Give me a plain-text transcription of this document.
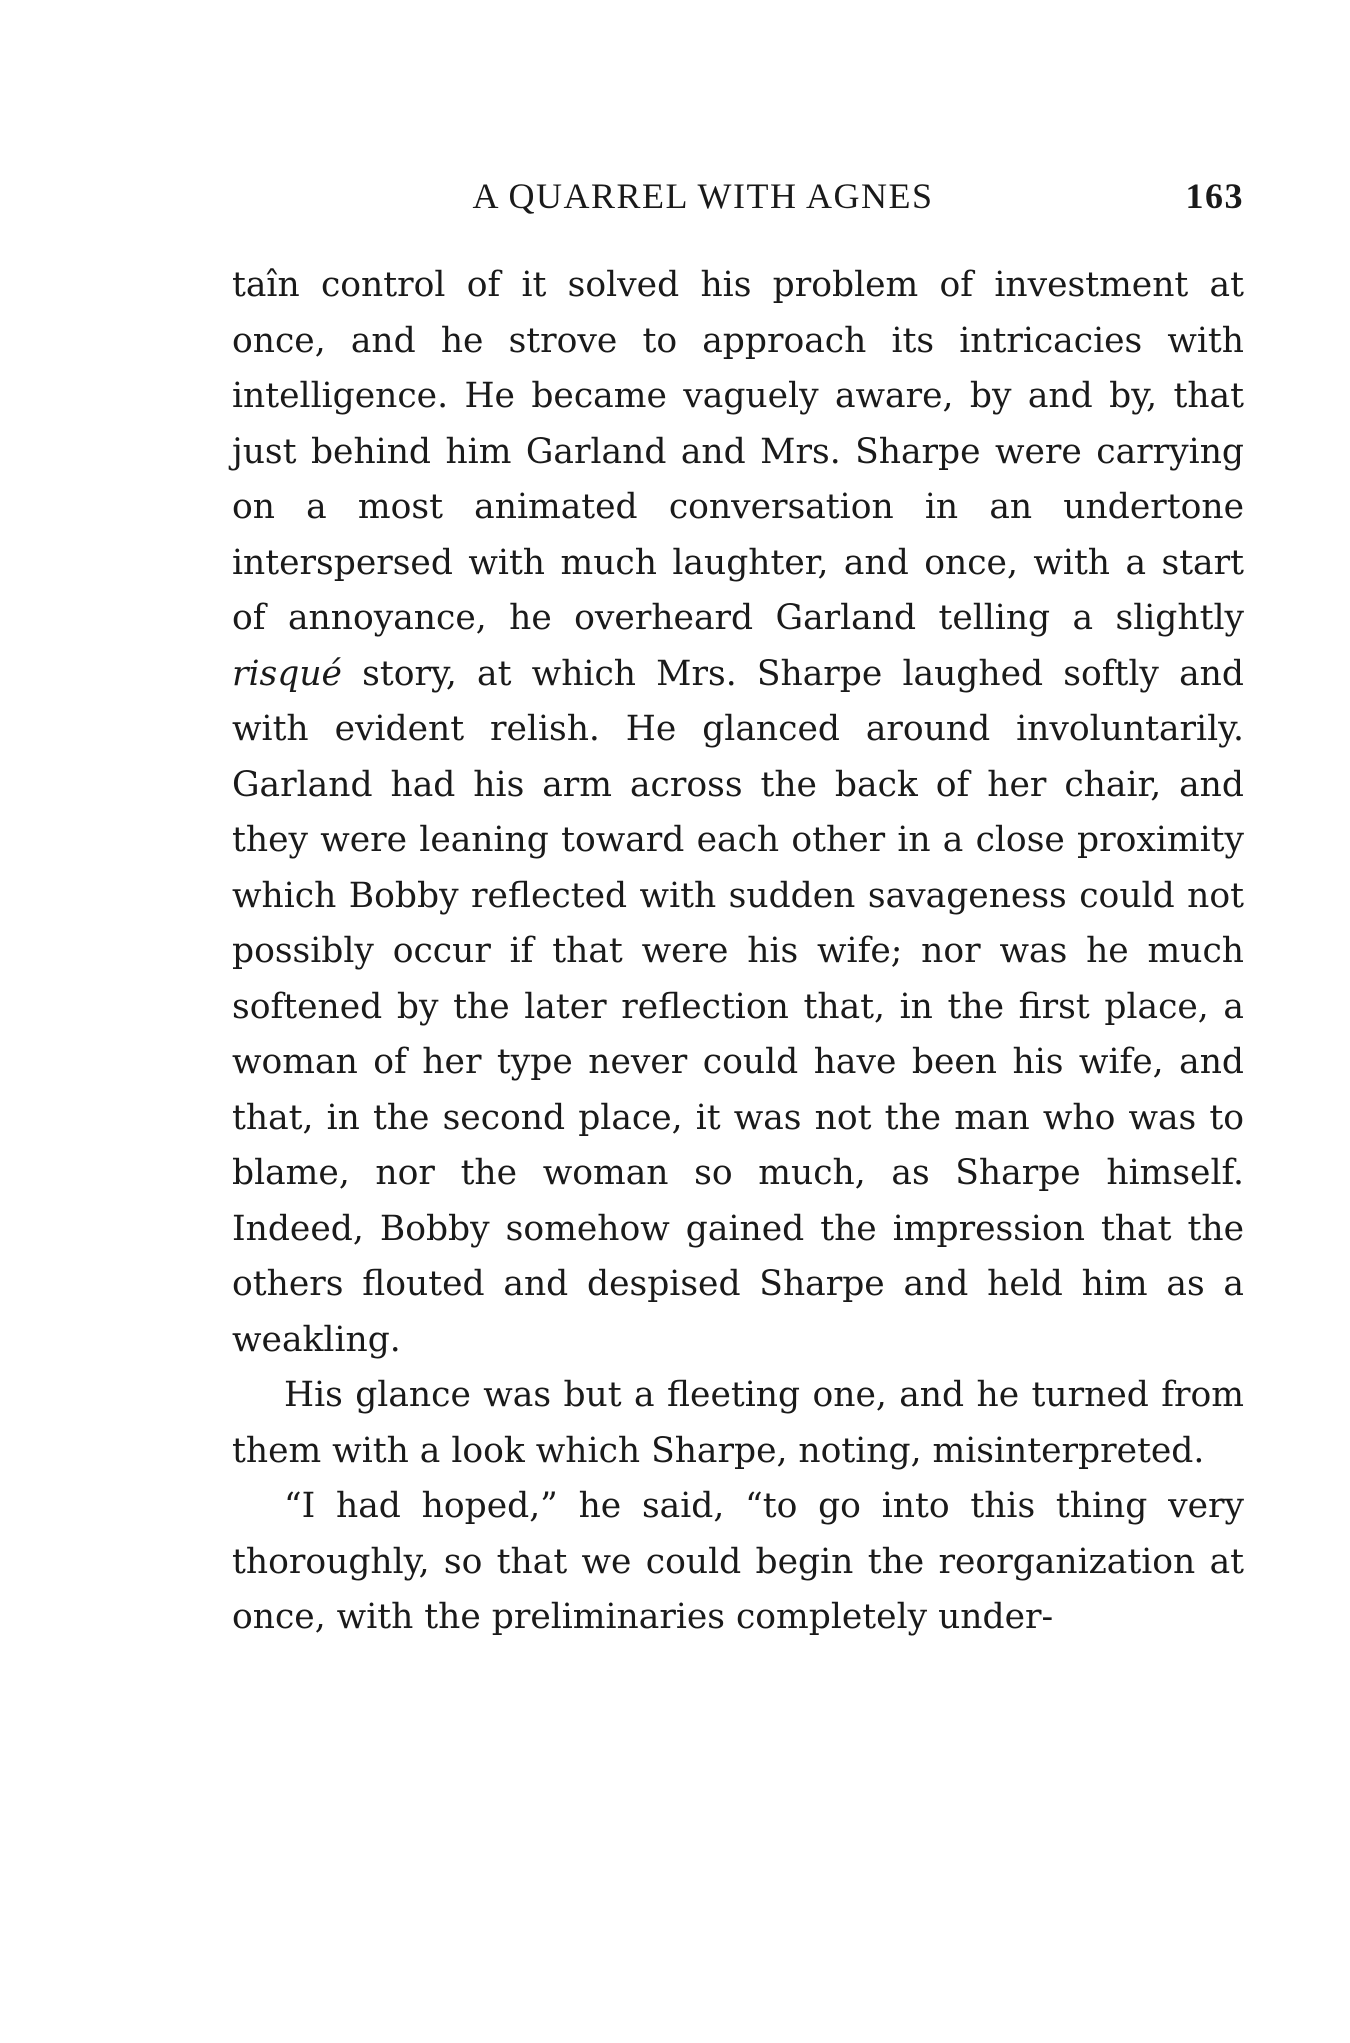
A QUARREL WITH AGNES	163

taîn control of it solved his problem of investment at once, and he strove to approach its intricacies with intelligence. He became vaguely aware, by and by, that just behind him Garland and Mrs. Sharpe were carrying on a most animated conversation in an undertone interspersed with much laughter, and once, with a start of annoyance, he overheard Garland telling a slightly risqué story, at which Mrs. Sharpe laughed softly and with evident relish. He glanced around involuntarily. Garland had his arm across the back of her chair, and they were leaning toward each other in a close proximity which Bobby reflected with sudden savageness could not possibly occur if that were his wife; nor was he much softened by the later reflection that, in the first place, a woman of her type never could have been his wife, and that, in the second place, it was not the man who was to blame, nor the woman so much, as Sharpe himself. Indeed, Bobby somehow gained the impression that the others flouted and despised Sharpe and held him as a weakling.

His glance was but a fleeting one, and he turned from them with a look which Sharpe, noting, misinterpreted.

“I had hoped,” he said, “to go into this thing very thoroughly, so that we could begin the reorganization at once, with the preliminaries completely under-
